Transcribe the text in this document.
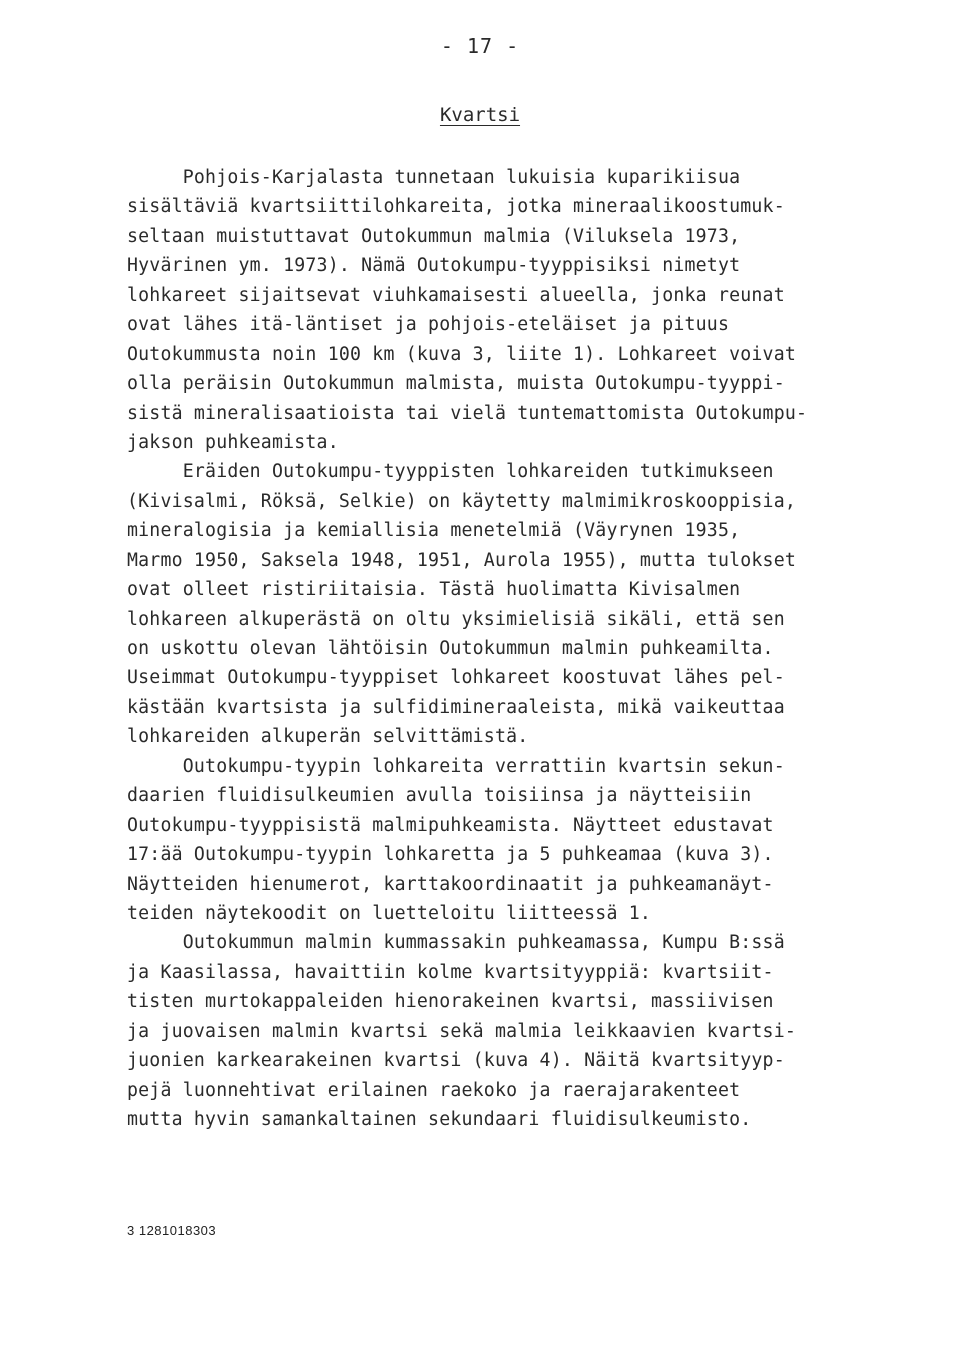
- 17 -

Kvartsi
Pohjois-Karjalasta tunnetaan lukuisia kuparikiisua
sisältäviä kvartsiittilohkareita, jotka mineraalikoostumuk-
seltaan muistuttavat Outokummun malmia (Viluksela 1973,
Hyvärinen ym. 1973). Nämä Outokumpu-tyyppisiksi nimetyt
lohkareet sijaitsevat viuhkamaisesti alueella, jonka reunat
ovat lähes itä-läntiset ja pohjois-eteläiset ja pituus
Outokummusta noin 100 km (kuva 3, liite 1). Lohkareet voivat
olla peräisin Outokummun malmista, muista Outokumpu-tyyppi-
sistä mineralisaatioista tai vielä tuntemattomista Outokumpu-
jakson puhkeamista.
Eräiden Outokumpu-tyyppisten lohkareiden tutkimukseen
(Kivisalmi, Röksä, Selkie) on käytetty malmimikroskooppisia,
mineralogisia ja kemiallisia menetelmiä (Väyrynen 1935,
Marmo 1950, Saksela 1948, 1951, Aurola 1955), mutta tulokset
ovat olleet ristiriitaisia. Tästä huolimatta Kivisalmen
lohkareen alkuperästä on oltu yksimielisiä sikäli, että sen
on uskottu olevan lähtöisin Outokummun malmin puhkeamilta.
Useimmat Outokumpu-tyyppiset lohkareet koostuvat lähes pel-
kästään kvartsista ja sulfidimineraaleista, mikä vaikeuttaa
lohkareiden alkuperän selvittämistä.
Outokumpu-tyypin lohkareita verrattiin kvartsin sekun-
daarien fluidisulkeumien avulla toisiinsa ja näytteisiin
Outokumpu-tyyppisistä malmipuhkeamista. Näytteet edustavat
17:ää Outokumpu-tyypin lohkaretta ja 5 puhkeamaa (kuva 3).
Näytteiden hienumerot, karttakoordinaatit ja puhkeamanäyt-
teiden näytekoodit on luetteloitu liitteessä 1.
Outokummun malmin kummassakin puhkeamassa, Kumpu B:ssä
ja Kaasilassa, havaittiin kolme kvartsityyppiä: kvartsiit-
tisten murtokappaleiden hienorakeinen kvartsi, massiivisen
ja juovaisen malmin kvartsi sekä malmia leikkaavien kvartsi-
juonien karkearakeinen kvartsi (kuva 4). Näitä kvartsityyp-
pejä luonnehtivat erilainen raekoko ja raerajarakenteet
mutta hyvin samankaltainen sekundaari fluidisulkeumisto.

3 1281018303
